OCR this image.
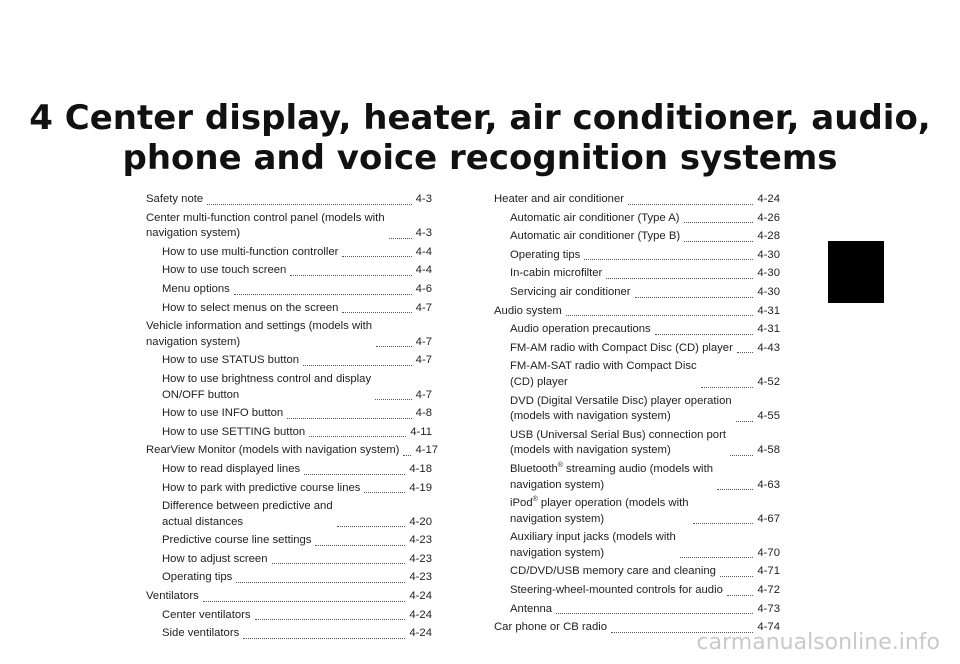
4 Center display, heater, air conditioner, audio,
phone and voice recognition systems
Safety note	4-3
Center multi-function control panel (models with
navigation system)	4-3
How to use multi-function controller	4-4
How to use touch screen	4-4
Menu options	4-6
How to select menus on the screen	4-7
Vehicle information and settings (models with
navigation system)	4-7
How to use STATUS button	4-7
How to use brightness control and display
ON/OFF button	4-7
How to use INFO button	4-8
How to use SETTING button	4-11
RearView Monitor (models with navigation system) 4-17
How to read displayed lines	4-18
How to park with predictive course lines	4-19
Difference between predictive and
actual distances	4-20
Predictive course line settings	4-23
How to adjust screen	4-23
Operating tips	4-23
Ventilators	4-24
Center ventilators	4-24
Side ventilators	4-24
Heater and air conditioner	4-24
Automatic air conditioner (Type A)	4-26
Automatic air conditioner (Type B)	4-28
Operating tips	4-30
In-cabin microfilter	4-30
Servicing air conditioner	4-30
Audio system	4-31
Audio operation precautions	4-31
FM-AM radio with Compact Disc (CD) player 4-43
FM-AM-SAT radio with Compact Disc
(CD) player	4-52
DVD (Digital Versatile Disc) player operation
(models with navigation system)	4-55
USB (Universal Serial Bus) connection port
(models with navigation system)	4-58
Bluetooth® streaming audio (models with
navigation system)	4-63
iPod® player operation (models with
navigation system)	4-67
Auxiliary input jacks (models with
navigation system)	4-70
CD/DVD/USB memory care and cleaning	4-71
Steering-wheel-mounted controls for audio	4-72
Antenna	4-73
Car phone or CB radio	4-74
carmanualsonline.info
